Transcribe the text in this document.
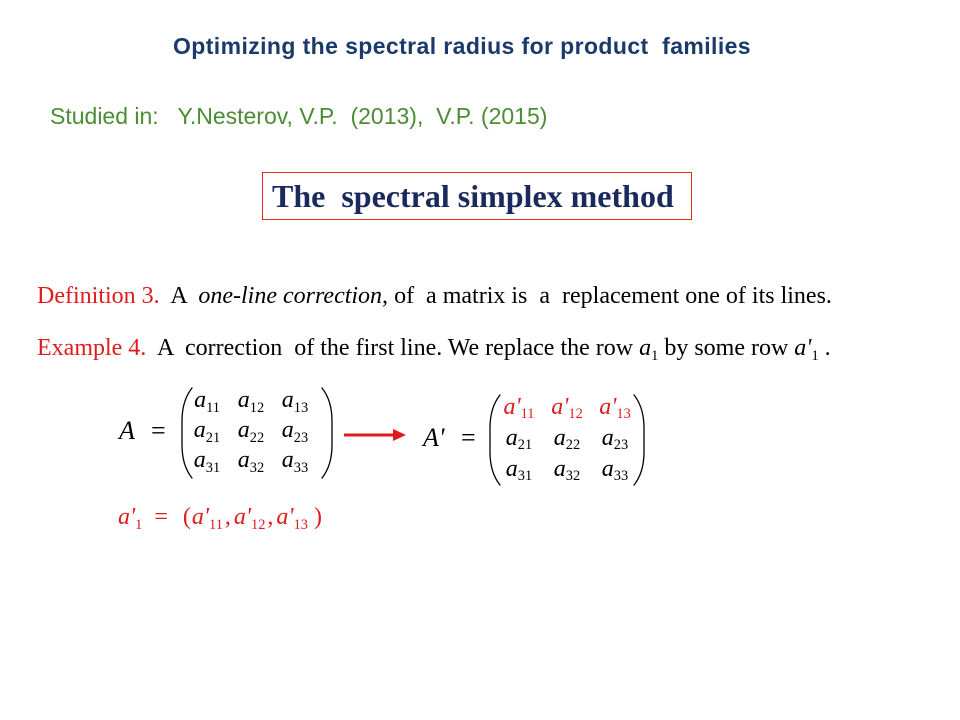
Optimizing the spectral radius for product  families
Studied in:   Y.Nesterov, V.P.  (2013),  V.P. (2015)
The  spectral simplex method
Definition 3. A one-line correction, of  a matrix is  a  replacement one of its lines.
Example 4. A  correction  of the first line. We replace the row a1 by some row a'1 .
A =
a11 a12 a13
a21 a22 a23
a31 a32 a33
A' =
a'11 a'12 a'13
a21 a22 a23
a31 a32 a33
a'1 = ( a'11 , a'12 , a'13 )
